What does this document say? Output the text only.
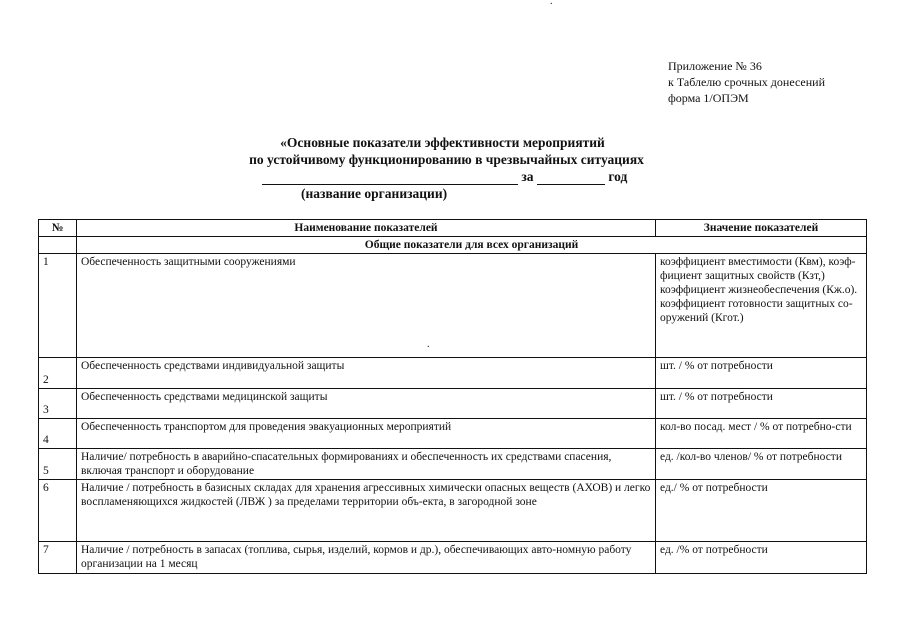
.
Приложение № 36
к Таблелю срочных донесений
форма 1/ОПЭМ
«Основные показатели эффективности мероприятий
по устойчивому функционированию в чрезвычайных ситуациях
за	год
(название организации)
№	Наименование показателей	Значение показателей
	Общие показатели для всех организаций	
1	Обеспеченность защитными сооружениями	коэффициент вместимости (Квм), коэф-фициент защитных свойств (Кзт,) коэффициент жизнеобеспечения (Кж.о). коэффициент готовности защитных со-оружений (Кгот.)
2	Обеспеченность средствами индивидуальной защиты	шт. / % от потребности
3	Обеспеченность средствами медицинской защиты	шт. / % от потребности
4	Обеспеченность транспортом для проведения эвакуационных мероприятий	кол-во посад. мест / % от потребно-сти
5	Наличие/ потребность в аварийно-спасательных формированиях и обеспеченность их средствами спасения, включая транспорт и оборудование	ед. /кол-во членов/ % от потребности
6	Наличие / потребность в базисных складах для хранения агрессивных химически опасных веществ (АХОВ) и легко воспламеняющихся жидкостей (ЛВЖ ) за пределами территории объ-екта, в загородной зоне	ед./ % от потребности
7	Наличие / потребность в запасах (топлива, сырья, изделий, кормов и др.), обеспечивающих авто-номную работу организации на 1 месяц	ед. /% от потребности
.
